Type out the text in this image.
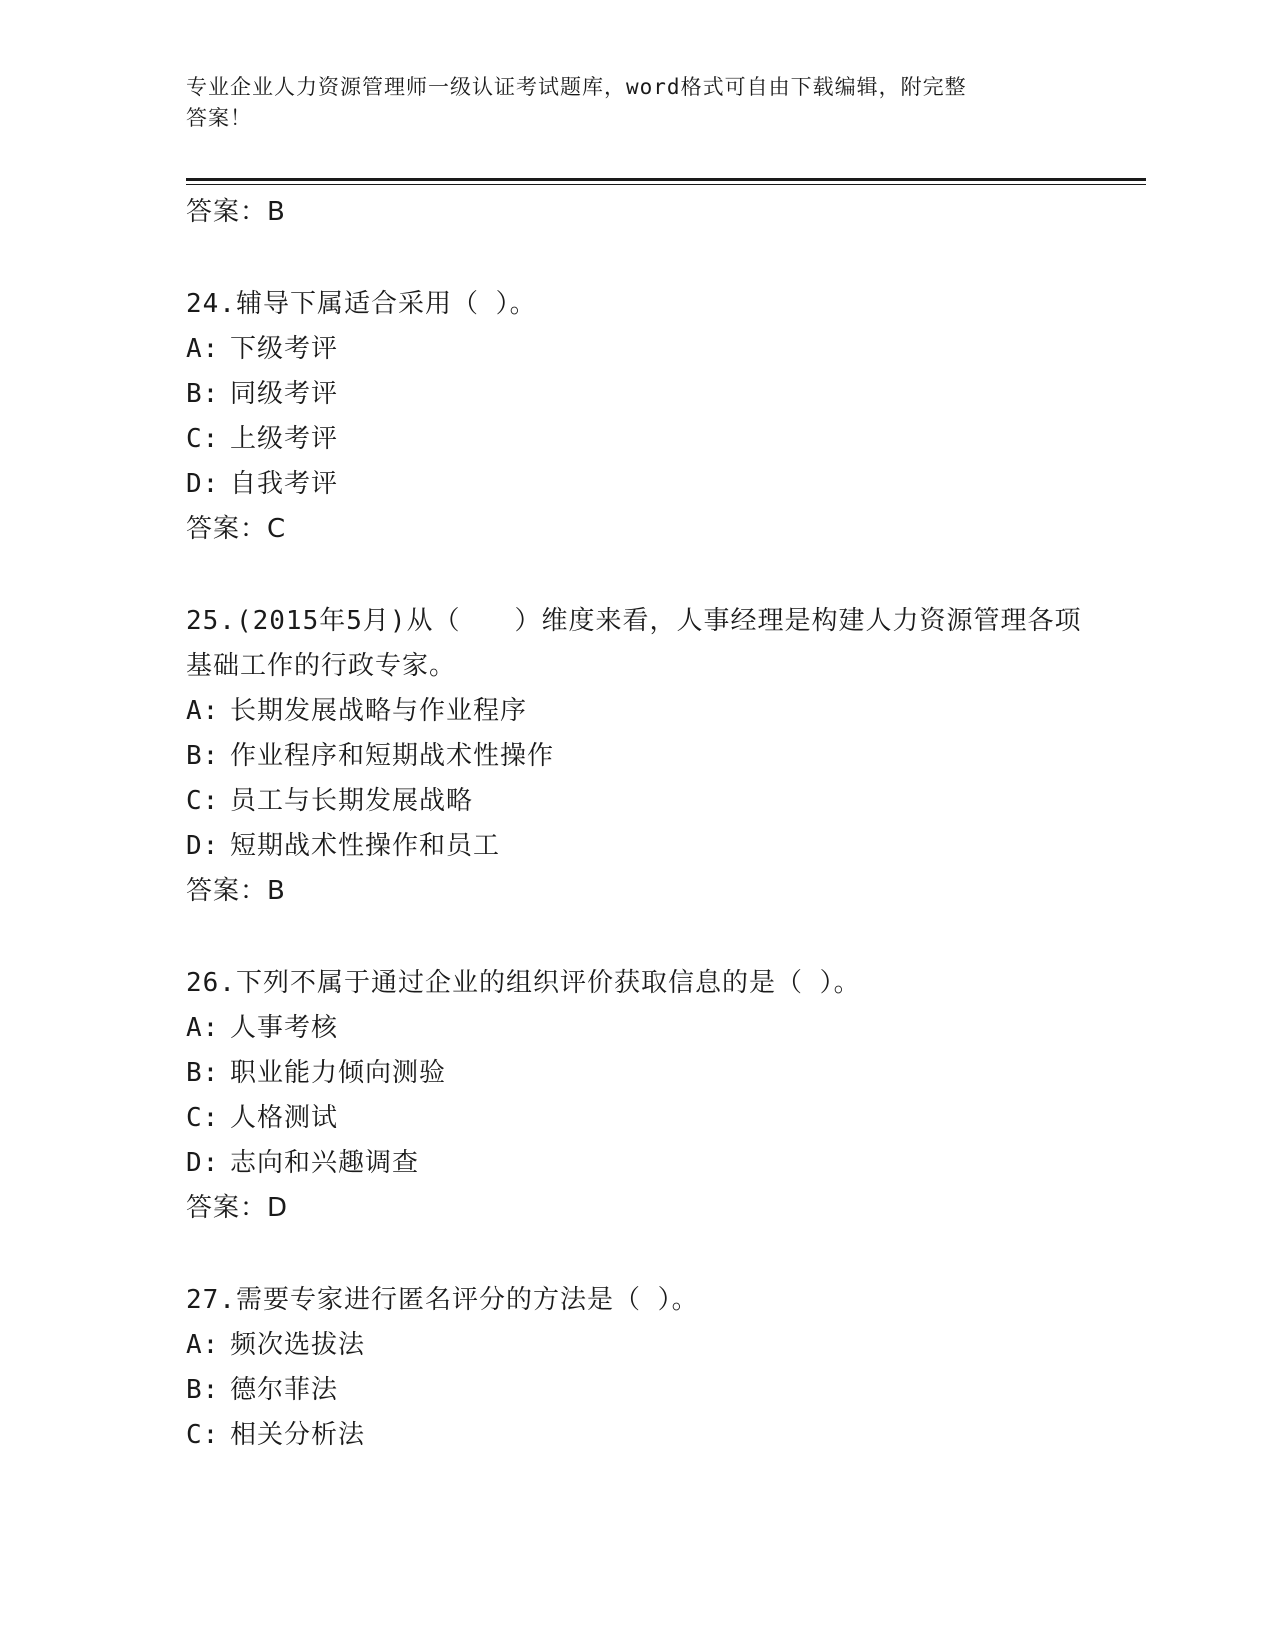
专业企业人力资源管理师一级认证考试题库，word格式可自由下载编辑，附完整
答案！
答案：B
24.辅导下属适合采用（ ）。
A: 下级考评
B: 同级考评
C: 上级考评
D: 自我考评
答案：C
25.(2015年5月)从（　　）维度来看，人事经理是构建人力资源管理各项基础工作的行政专家。
A: 长期发展战略与作业程序
B: 作业程序和短期战术性操作
C: 员工与长期发展战略
D: 短期战术性操作和员工
答案：B
26.下列不属于通过企业的组织评价获取信息的是（ ）。
A: 人事考核
B: 职业能力倾向测验
C: 人格测试
D: 志向和兴趣调查
答案：D
27.需要专家进行匿名评分的方法是（ ）。
A: 频次选拔法
B: 德尔菲法
C: 相关分析法
